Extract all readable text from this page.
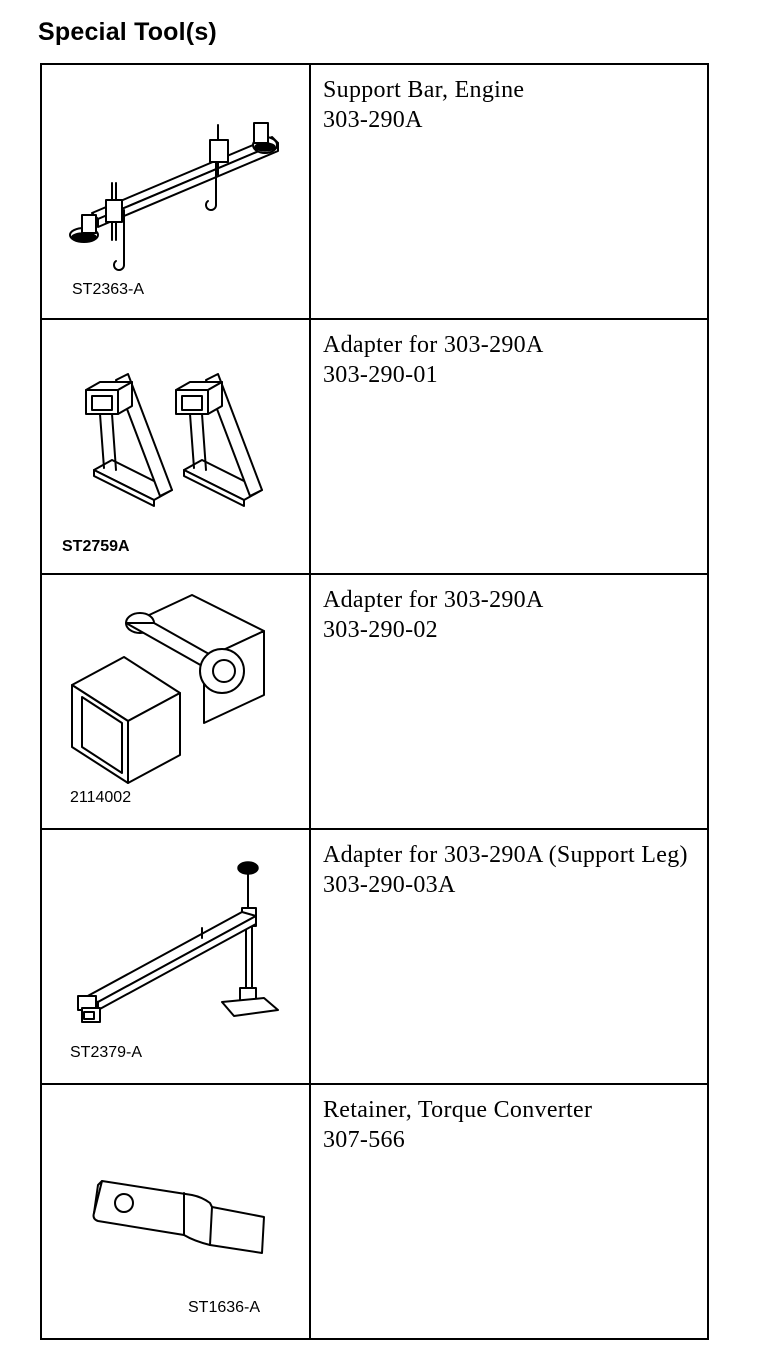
Special Tool(s)
ST2363-A	Support Bar, Engine
303-290A

ST2759A	Adapter for 303-290A
303-290-01

2114002	Adapter for 303-290A
303-290-02

ST2379-A	Adapter for 303-290A (Support Leg)
303-290-03A

ST1636-A	Retainer, Torque Converter
307-566
